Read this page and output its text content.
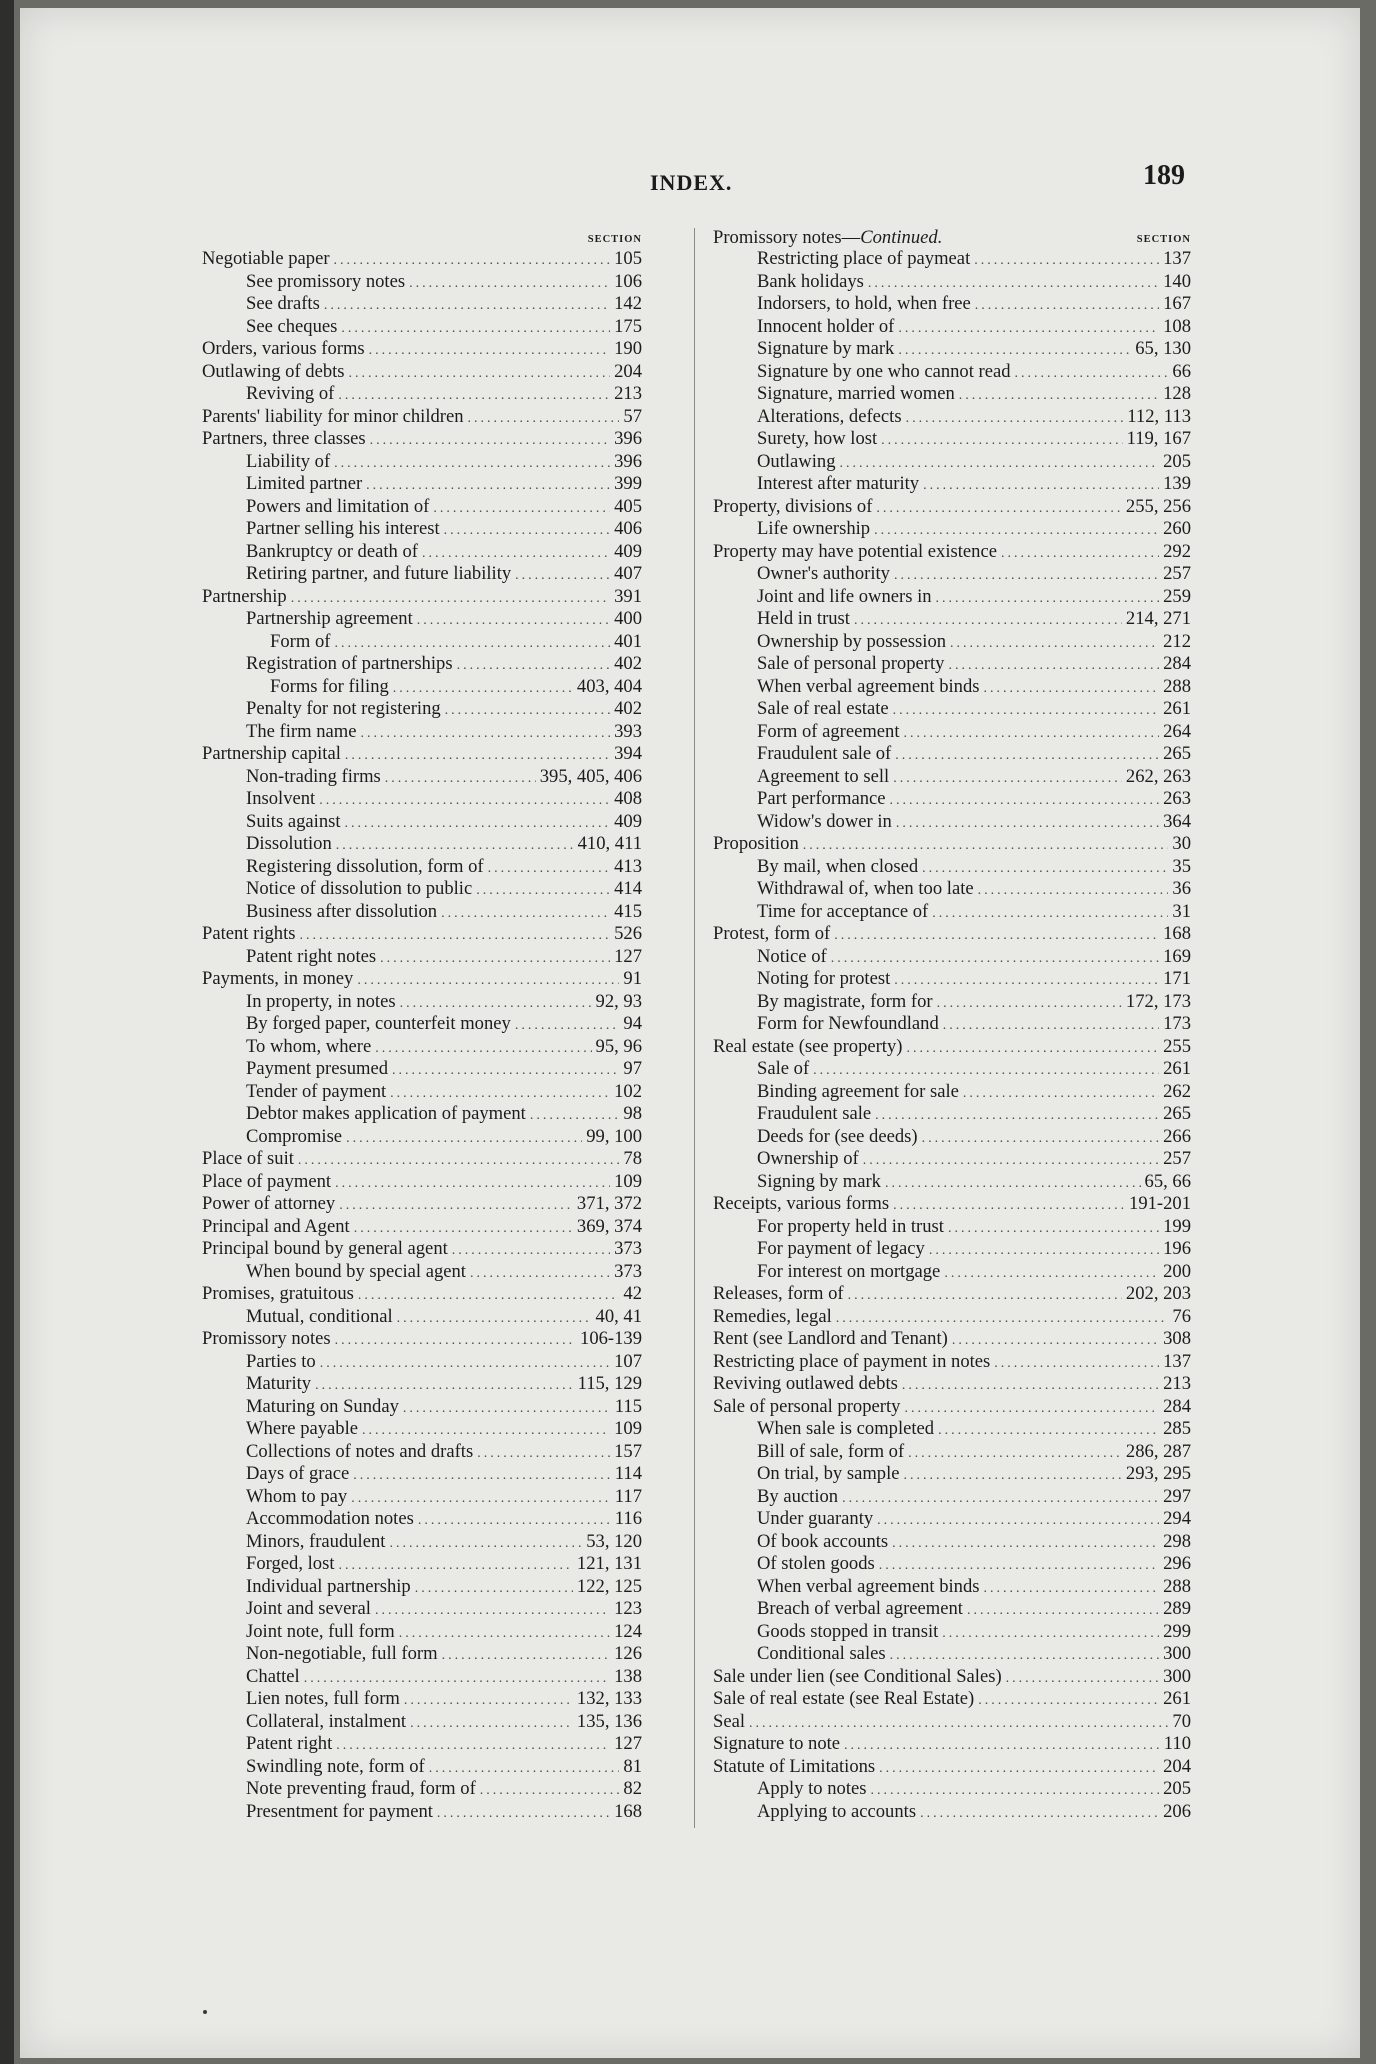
INDEX.	189
SECTION
Negotiable paper .....	105
See promissory notes .....	106
See drafts .....	142
See cheques .....	175
Orders, various forms .....	190
Outlawing of debts .....	204
Reviving of .....	213
Parents' liability for minor children .....	57
Partners, three classes .....	396
Liability of .....	396
Limited partner .....	399
Powers and limitation of .....	405
Partner selling his interest .....	406
Bankruptcy or death of .....	409
Retiring partner, and future liability .....	407
Partnership .....	391
Partnership agreement .....	400
Form of .....	401
Registration of partnerships .....	402
Forms for filing .....	403, 404
Penalty for not registering .....	402
The firm name .....	393
Partnership capital .....	394
Non-trading firms .....	395, 405, 406
Insolvent .....	408
Suits against .....	409
Dissolution .....	410, 411
Registering dissolution, form of .....	413
Notice of dissolution to public .....	414
Business after dissolution .....	415
Patent rights .....	526
Patent right notes .....	127
Payments, in money .....	91
In property, in notes .....	92, 93
By forged paper, counterfeit money .....	94
To whom, where .....	95, 96
Payment presumed .....	97
Tender of payment .....	102
Debtor makes application of payment .....	98
Compromise .....	99, 100
Place of suit .....	78
Place of payment .....	109
Power of attorney .....	371, 372
Principal and Agent .....	369, 374
Principal bound by general agent .....	373
When bound by special agent .....	373
Promises, gratuitous .....	42
Mutual, conditional .....	40, 41
Promissory notes .....	106-139
Parties to .....	107
Maturity .....	115, 129
Maturing on Sunday .....	115
Where payable .....	109
Collections of notes and drafts .....	157
Days of grace .....	114
Whom to pay .....	117
Accommodation notes .....	116
Minors, fraudulent .....	53, 120
Forged, lost .....	121, 131
Individual partnership .....	122, 125
Joint and several .....	123
Joint note, full form .....	124
Non-negotiable, full form .....	126
Chattel .....	138
Lien notes, full form .....	132, 133
Collateral, instalment .....	135, 136
Patent right .....	127
Swindling note, form of .....	81
Note preventing fraud, form of .....	82
Presentment for payment .....	168
Promissory notes—Continued.	SECTION
Restricting place of paymeat .....	137
Bank holidays .....	140
Indorsers, to hold, when free .....	167
Innocent holder of .....	108
Signature by mark .....	65, 130
Signature by one who cannot read .....	66
Signature, married women .....	128
Alterations, defects .....	112, 113
Surety, how lost .....	119, 167
Outlawing .....	205
Interest after maturity .....	139
Property, divisions of .....	255, 256
Life ownership .....	260
Property may have potential existence .....	292
Owner's authority .....	257
Joint and life owners in .....	259
Held in trust .....	214, 271
Ownership by possession .....	212
Sale of personal property .....	284
When verbal agreement binds .....	288
Sale of real estate .....	261
Form of agreement .....	264
Fraudulent sale of .....	265
Agreement to sell .....	262, 263
Part performance .....	263
Widow's dower in .....	364
Proposition .....	30
By mail, when closed .....	35
Withdrawal of, when too late .....	36
Time for acceptance of .....	31
Protest, form of .....	168
Notice of .....	169
Noting for protest .....	171
By magistrate, form for .....	172, 173
Form for Newfoundland .....	173
Real estate (see property) .....	255
Sale of .....	261
Binding agreement for sale .....	262
Fraudulent sale .....	265
Deeds for (see deeds) .....	266
Ownership of .....	257
Signing by mark .....	65, 66
Receipts, various forms .....	191-201
For property held in trust .....	199
For payment of legacy .....	196
For interest on mortgage .....	200
Releases, form of .....	202, 203
Remedies, legal .....	76
Rent (see Landlord and Tenant) .....	308
Restricting place of payment in notes .....	137
Reviving outlawed debts .....	213
Sale of personal property .....	284
When sale is completed .....	285
Bill of sale, form of .....	286, 287
On trial, by sample .....	293, 295
By auction .....	297
Under guaranty .....	294
Of book accounts .....	298
Of stolen goods .....	296
When verbal agreement binds .....	288
Breach of verbal agreement .....	289
Goods stopped in transit .....	299
Conditional sales .....	300
Sale under lien (see Conditional Sales) .....	300
Sale of real estate (see Real Estate) .....	261
Seal .....	70
Signature to note .....	110
Statute of Limitations .....	204
Apply to notes .....	205
Applying to accounts .....	206
